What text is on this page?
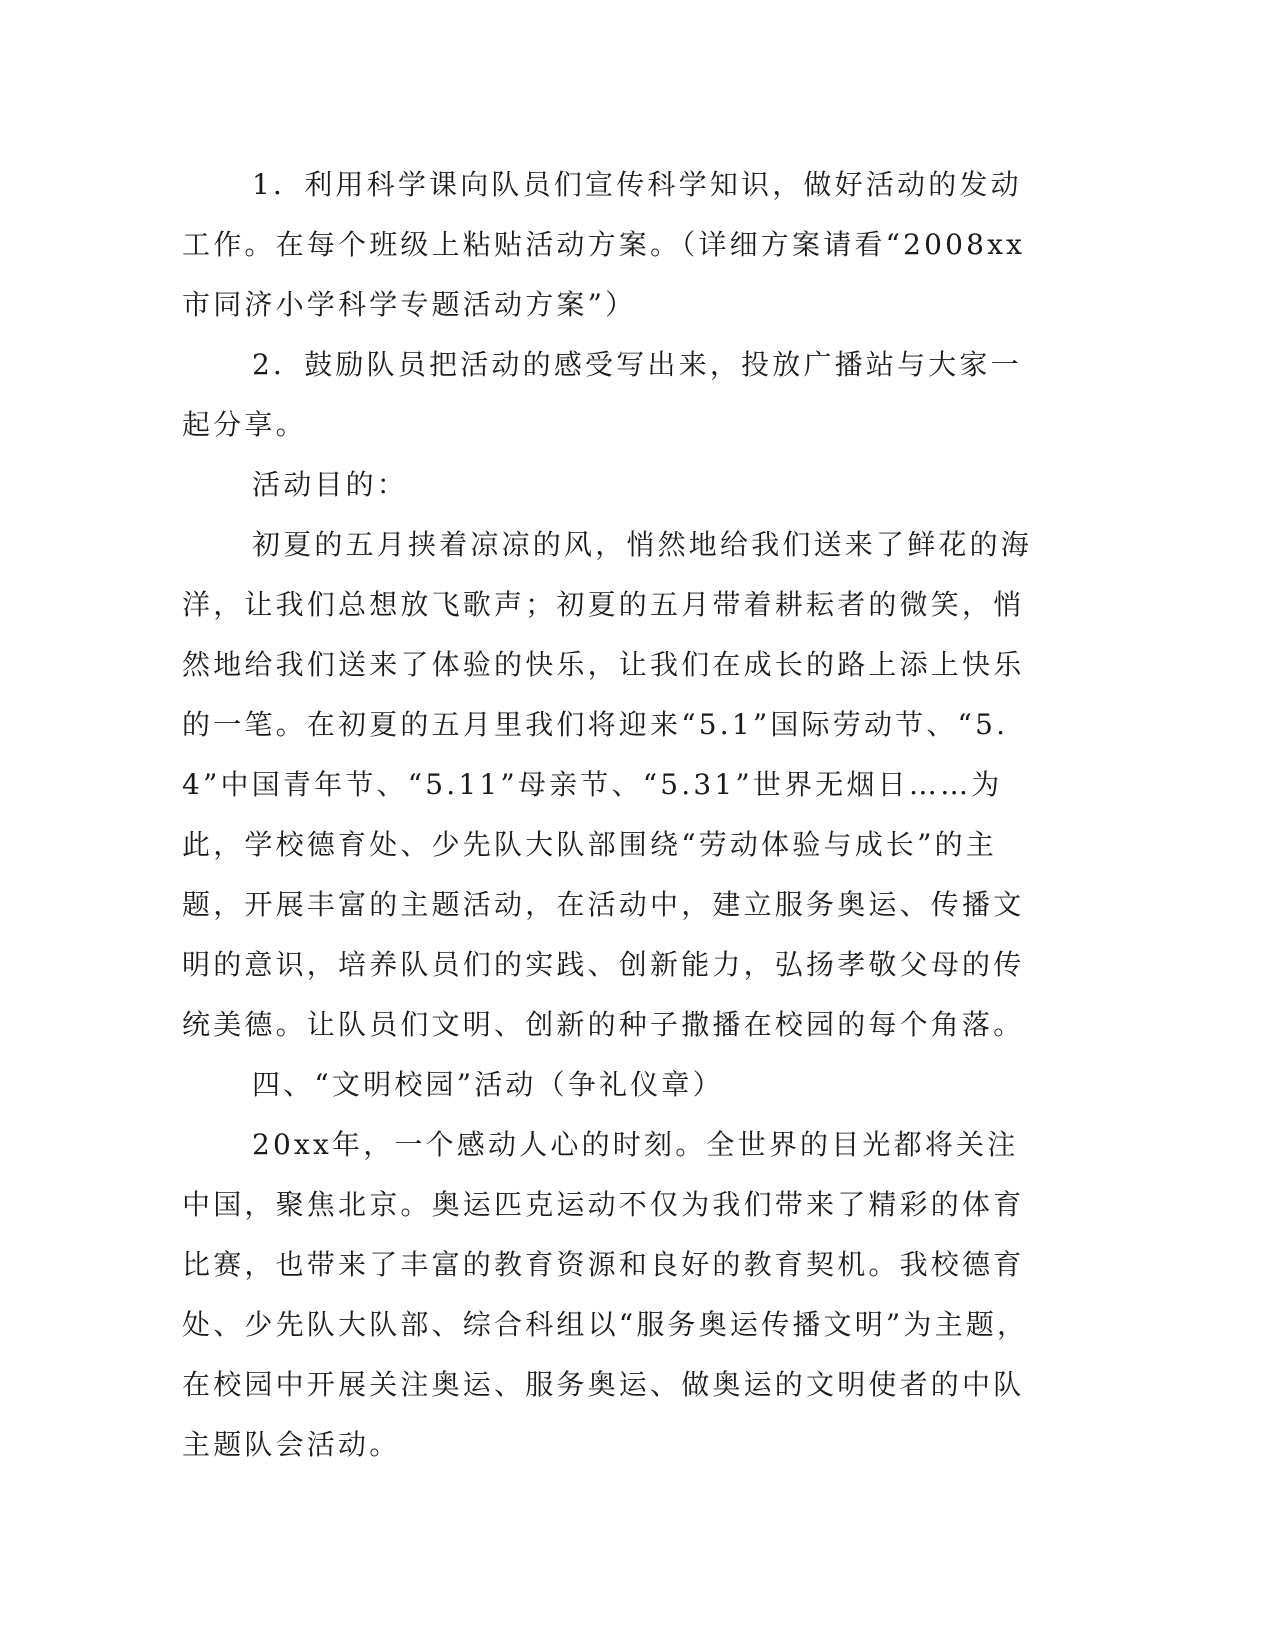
1．利用科学课向队员们宣传科学知识，做好活动的发动工作。在每个班级上粘贴活动方案。（详细方案请看“2008xx市同济小学科学专题活动方案”）

2．鼓励队员把活动的感受写出来，投放广播站与大家一起分享。

活动目的：

初夏的五月挟着凉凉的风，悄然地给我们送来了鲜花的海洋，让我们总想放飞歌声；初夏的五月带着耕耘者的微笑，悄然地给我们送来了体验的快乐，让我们在成长的路上添上快乐的一笔。在初夏的五月里我们将迎来“5.1”国际劳动节、“5.4”中国青年节、“5.11”母亲节、“5.31”世界无烟日……为此，学校德育处、少先队大队部围绕“劳动体验与成长”的主题，开展丰富的主题活动，在活动中，建立服务奥运、传播文明的意识，培养队员们的实践、创新能力，弘扬孝敬父母的传统美德。让队员们文明、创新的种子撒播在校园的每个角落。

四、“文明校园”活动（争礼仪章）

20xx年，一个感动人心的时刻。全世界的目光都将关注中国，聚焦北京。奥运匹克运动不仅为我们带来了精彩的体育比赛，也带来了丰富的教育资源和良好的教育契机。我校德育处、少先队大队部、综合科组以“服务奥运传播文明”为主题，在校园中开展关注奥运、服务奥运、做奥运的文明使者的中队主题队会活动。
